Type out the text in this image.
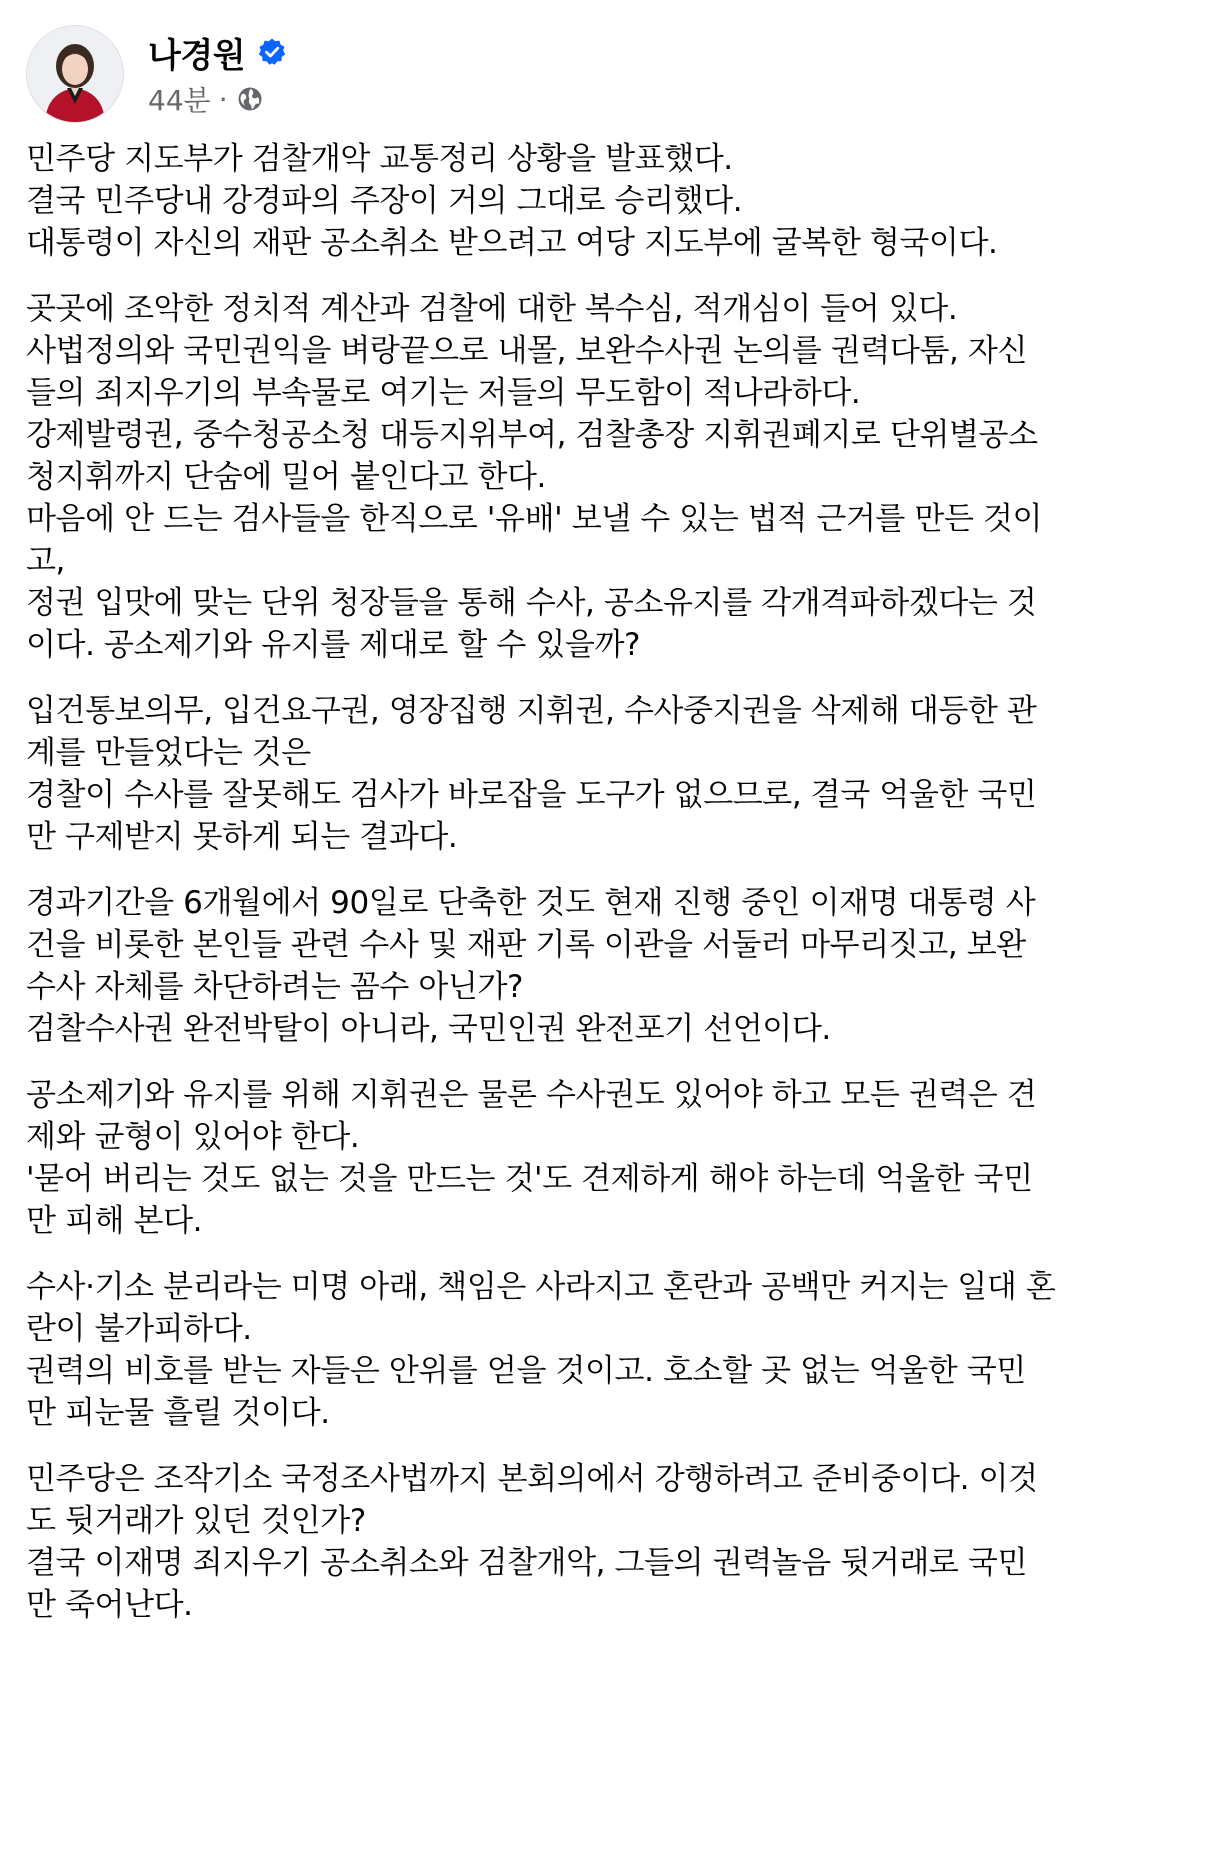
나경원
44분 ·
민주당 지도부가 검찰개악 교통정리 상황을 발표했다.
결국 민주당내 강경파의 주장이 거의 그대로 승리했다.
대통령이 자신의 재판 공소취소 받으려고 여당 지도부에 굴복한 형국이다.
곳곳에 조악한 정치적 계산과 검찰에 대한 복수심, 적개심이 들어 있다.
사법정의와 국민권익을 벼랑끝으로 내몰, 보완수사권 논의를 권력다툼, 자신
들의 죄지우기의 부속물로 여기는 저들의 무도함이 적나라하다.
강제발령권, 중수청공소청 대등지위부여, 검찰총장 지휘권폐지로 단위별공소
청지휘까지 단숨에 밀어 붙인다고 한다.
마음에 안 드는 검사들을 한직으로 '유배' 보낼 수 있는 법적 근거를 만든 것이
고,
정권 입맛에 맞는 단위 청장들을 통해 수사, 공소유지를 각개격파하겠다는 것
이다. 공소제기와 유지를 제대로 할 수 있을까?
입건통보의무, 입건요구권, 영장집행 지휘권, 수사중지권을 삭제해 대등한 관
계를 만들었다는 것은
경찰이 수사를 잘못해도 검사가 바로잡을 도구가 없으므로, 결국 억울한 국민
만 구제받지 못하게 되는 결과다.
경과기간을 6개월에서 90일로 단축한 것도 현재 진행 중인 이재명 대통령 사
건을 비롯한 본인들 관련 수사 및 재판 기록 이관을 서둘러 마무리짓고, 보완
수사 자체를 차단하려는 꼼수 아닌가?
검찰수사권 완전박탈이 아니라, 국민인권 완전포기 선언이다.
공소제기와 유지를 위해 지휘권은 물론 수사권도 있어야 하고 모든 권력은 견
제와 균형이 있어야 한다.
'묻어 버리는 것도 없는 것을 만드는 것'도 견제하게 해야 하는데 억울한 국민
만 피해 본다.
수사·기소 분리라는 미명 아래, 책임은 사라지고 혼란과 공백만 커지는 일대 혼
란이 불가피하다.
권력의 비호를 받는 자들은 안위를 얻을 것이고. 호소할 곳 없는 억울한 국민
만 피눈물 흘릴 것이다.
민주당은 조작기소 국정조사법까지 본회의에서 강행하려고 준비중이다. 이것
도 뒷거래가 있던 것인가?
결국 이재명 죄지우기 공소취소와 검찰개악, 그들의 권력놀음 뒷거래로 국민
만 죽어난다.
